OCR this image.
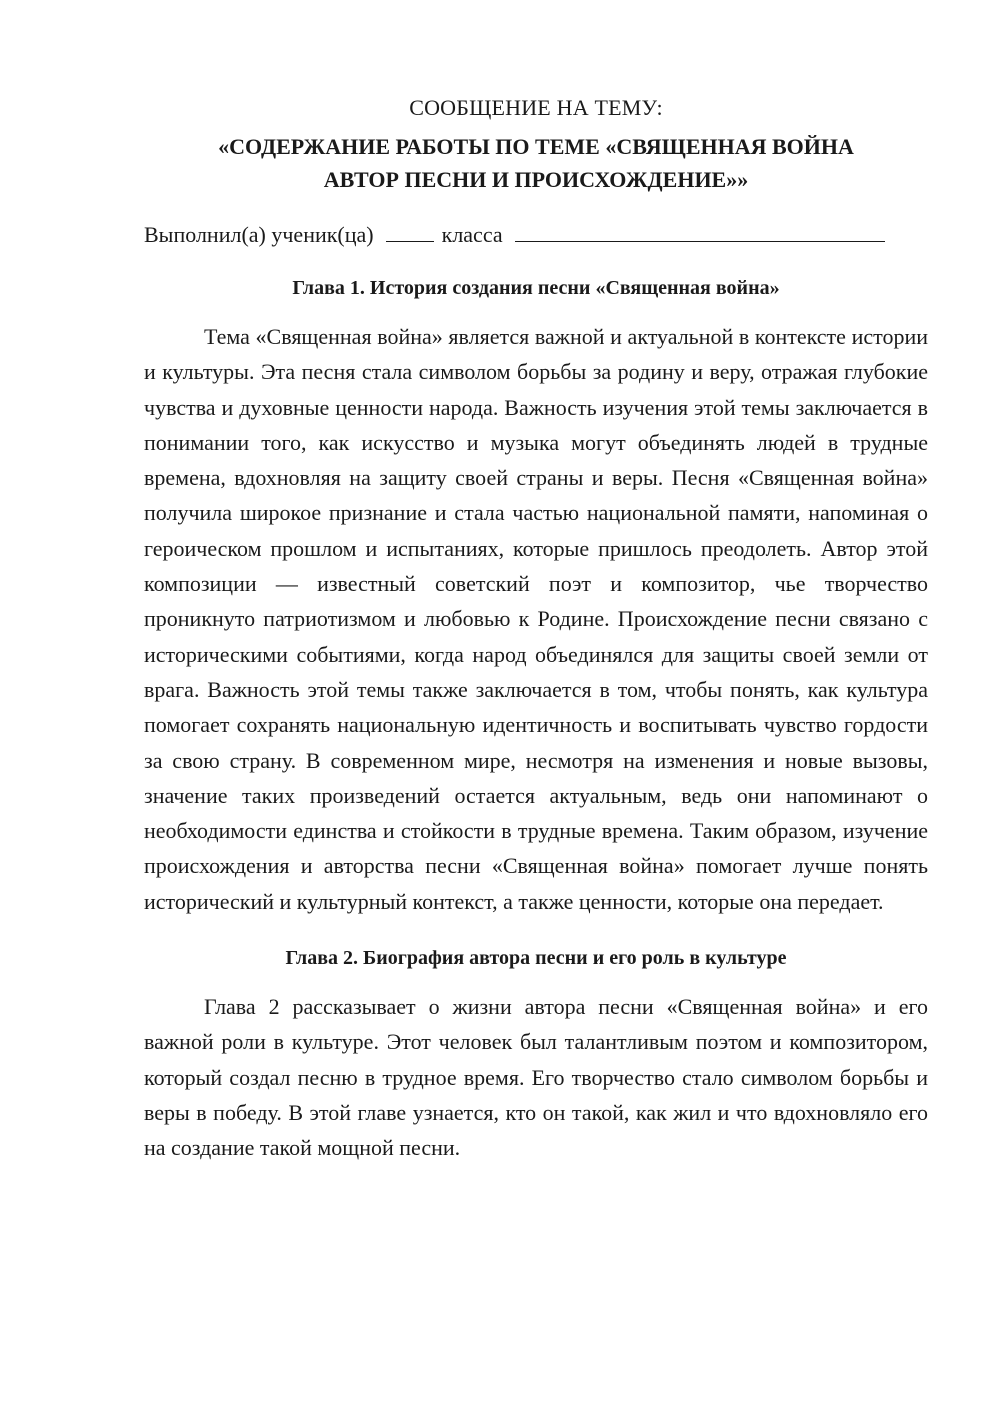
СООБЩЕНИЕ НА ТЕМУ:
«СОДЕРЖАНИЕ РАБОТЫ ПО ТЕМЕ «СВЯЩЕННАЯ ВОЙНА
АВТОР ПЕСНИ И ПРОИСХОЖДЕНИЕ»»
Выполнил(а) ученик(ца)	класса
Глава 1. История создания песни «Священная война»

Тема «Священная война» является важной и актуальной в контексте истории и культуры. Эта песня стала символом борьбы за родину и веру, отражая глубокие чувства и духовные ценности народа. Важность изучения этой темы заключается в понимании того, как искусство и музыка могут объединять людей в трудные времена, вдохновляя на защиту своей страны и веры. Песня «Священная война» получила широкое признание и стала частью национальной памяти, напоминая о героическом прошлом и испытаниях, которые пришлось преодолеть. Автор этой композиции — известный советский поэт и композитор, чье творчество проникнуто патриотизмом и любовью к Родине. Происхождение песни связано с историческими событиями, когда народ объединялся для защиты своей земли от врага. Важность этой темы также заключается в том, чтобы понять, как культура помогает сохранять национальную идентичность и воспитывать чувство гордости за свою страну. В современном мире, несмотря на изменения и новые вызовы, значение таких произведений остается актуальным, ведь они напоминают о необходимости единства и стойкости в трудные времена. Таким образом, изучение происхождения и авторства песни «Священная война» помогает лучше понять исторический и культурный контекст, а также ценности, которые она передает.

Глава 2. Биография автора песни и его роль в культуре

Глава 2 рассказывает о жизни автора песни «Священная война» и его важной роли в культуре. Этот человек был талантливым поэтом и композитором, который создал песню в трудное время. Его творчество стало символом борьбы и веры в победу. В этой главе узнается, кто он такой, как жил и что вдохновляло его на создание такой мощной песни.
